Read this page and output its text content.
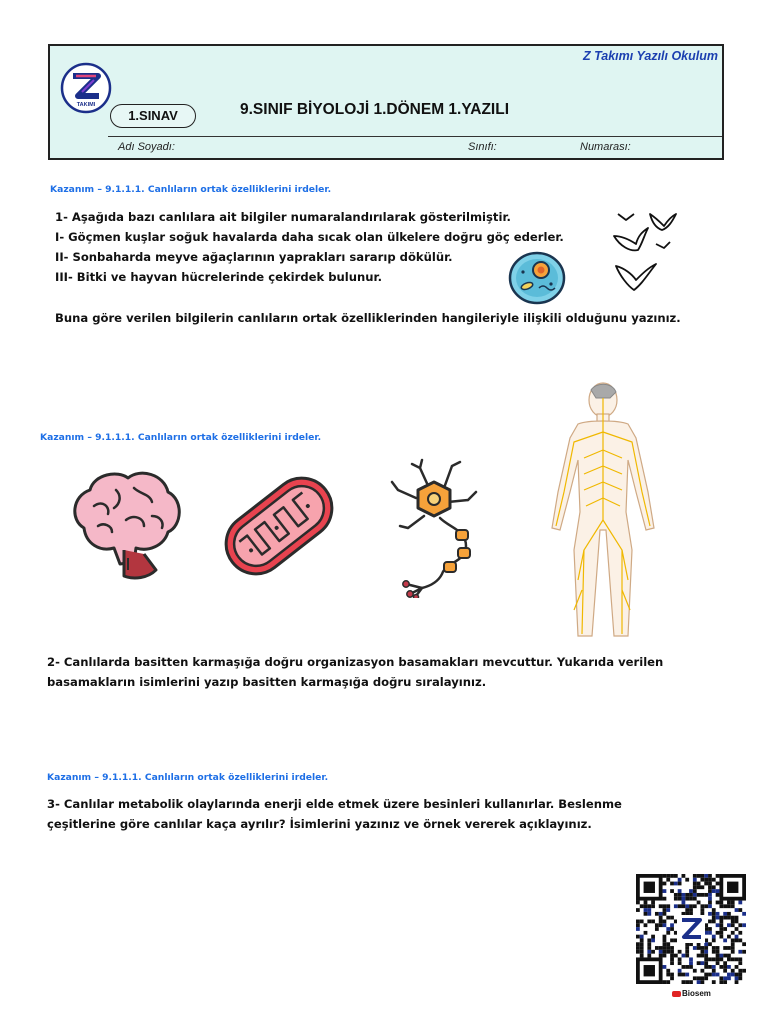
Z Takımı Yazılı Okulum
TAKIMI
1.SINAV	9.SINIF BİYOLOJİ 1.DÖNEM 1.YAZILI
Adı Soyadı:	Sınıfı:	Numarası:
Kazanım – 9.1.1.1. Canlıların ortak özelliklerini irdeler.

1- Aşağıda bazı canlılara ait bilgiler numaralandırılarak gösterilmiştir.

I- Göçmen kuşlar soğuk havalarda daha sıcak olan ülkelere doğru göç ederler.

II- Sonbaharda meyve ağaçlarının yaprakları sararıp dökülür.

III- Bitki ve hayvan hücrelerinde çekirdek bulunur.

Buna göre verilen bilgilerin canlıların ortak özelliklerinden hangileriyle ilişkili olduğunu yazınız.
Kazanım – 9.1.1.1. Canlıların ortak özelliklerini irdeler.

2- Canlılarda basitten karmaşığa doğru organizasyon basamakları mevcuttur. Yukarıda verilen

basamakların isimlerini yazıp basitten karmaşığa doğru sıralayınız.

Kazanım – 9.1.1.1. Canlıların ortak özelliklerini irdeler.

3- Canlılar metabolik olaylarında enerji elde etmek üzere besinleri kullanırlar. Beslenme

çeşitlerine göre canlılar kaça ayrılır? İsimlerini yazınız ve örnek vererek açıklayınız.

Biosem
